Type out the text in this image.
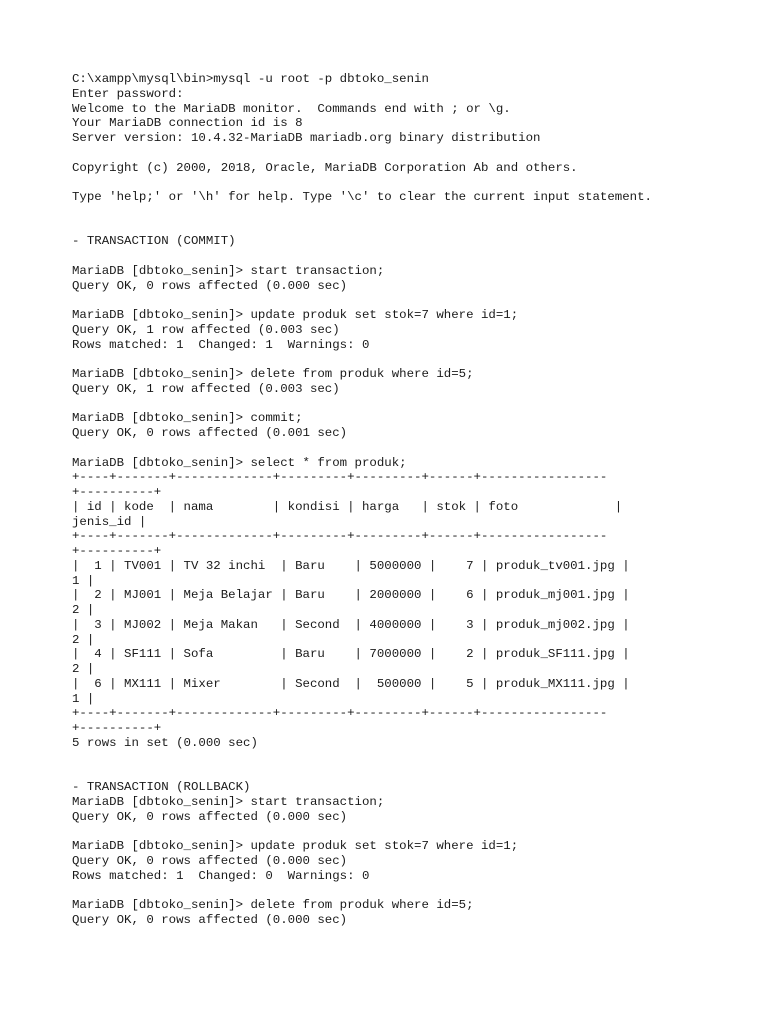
C:\xampp\mysql\bin>mysql -u root -p dbtoko_senin
Enter password:
Welcome to the MariaDB monitor.  Commands end with ; or \g.
Your MariaDB connection id is 8
Server version: 10.4.32-MariaDB mariadb.org binary distribution
Copyright (c) 2000, 2018, Oracle, MariaDB Corporation Ab and others.
Type 'help;' or '\h' for help. Type '\c' to clear the current input statement.
- TRANSACTION (COMMIT)
MariaDB [dbtoko_senin]> start transaction;
Query OK, 0 rows affected (0.000 sec)
MariaDB [dbtoko_senin]> update produk set stok=7 where id=1;
Query OK, 1 row affected (0.003 sec)
Rows matched: 1  Changed: 1  Warnings: 0
MariaDB [dbtoko_senin]> delete from produk where id=5;
Query OK, 1 row affected (0.003 sec)
MariaDB [dbtoko_senin]> commit;
Query OK, 0 rows affected (0.001 sec)
MariaDB [dbtoko_senin]> select * from produk;
+----+-------+-------------+---------+---------+------+-----------------
+----------+
| id | kode  | nama        | kondisi | harga   | stok | foto             |
jenis_id |
+----+-------+-------------+---------+---------+------+-----------------
+----------+
|  1 | TV001 | TV 32 inchi  | Baru    | 5000000 |    7 | produk_tv001.jpg |
1 |
|  2 | MJ001 | Meja Belajar | Baru    | 2000000 |    6 | produk_mj001.jpg |
2 |
|  3 | MJ002 | Meja Makan   | Second  | 4000000 |    3 | produk_mj002.jpg |
2 |
|  4 | SF111 | Sofa         | Baru    | 7000000 |    2 | produk_SF111.jpg |
2 |
|  6 | MX111 | Mixer        | Second  |  500000 |    5 | produk_MX111.jpg |
1 |
+----+-------+-------------+---------+---------+------+-----------------
+----------+
5 rows in set (0.000 sec)
- TRANSACTION (ROLLBACK)
MariaDB [dbtoko_senin]> start transaction;
Query OK, 0 rows affected (0.000 sec)
MariaDB [dbtoko_senin]> update produk set stok=7 where id=1;
Query OK, 0 rows affected (0.000 sec)
Rows matched: 1  Changed: 0  Warnings: 0
MariaDB [dbtoko_senin]> delete from produk where id=5;
Query OK, 0 rows affected (0.000 sec)
